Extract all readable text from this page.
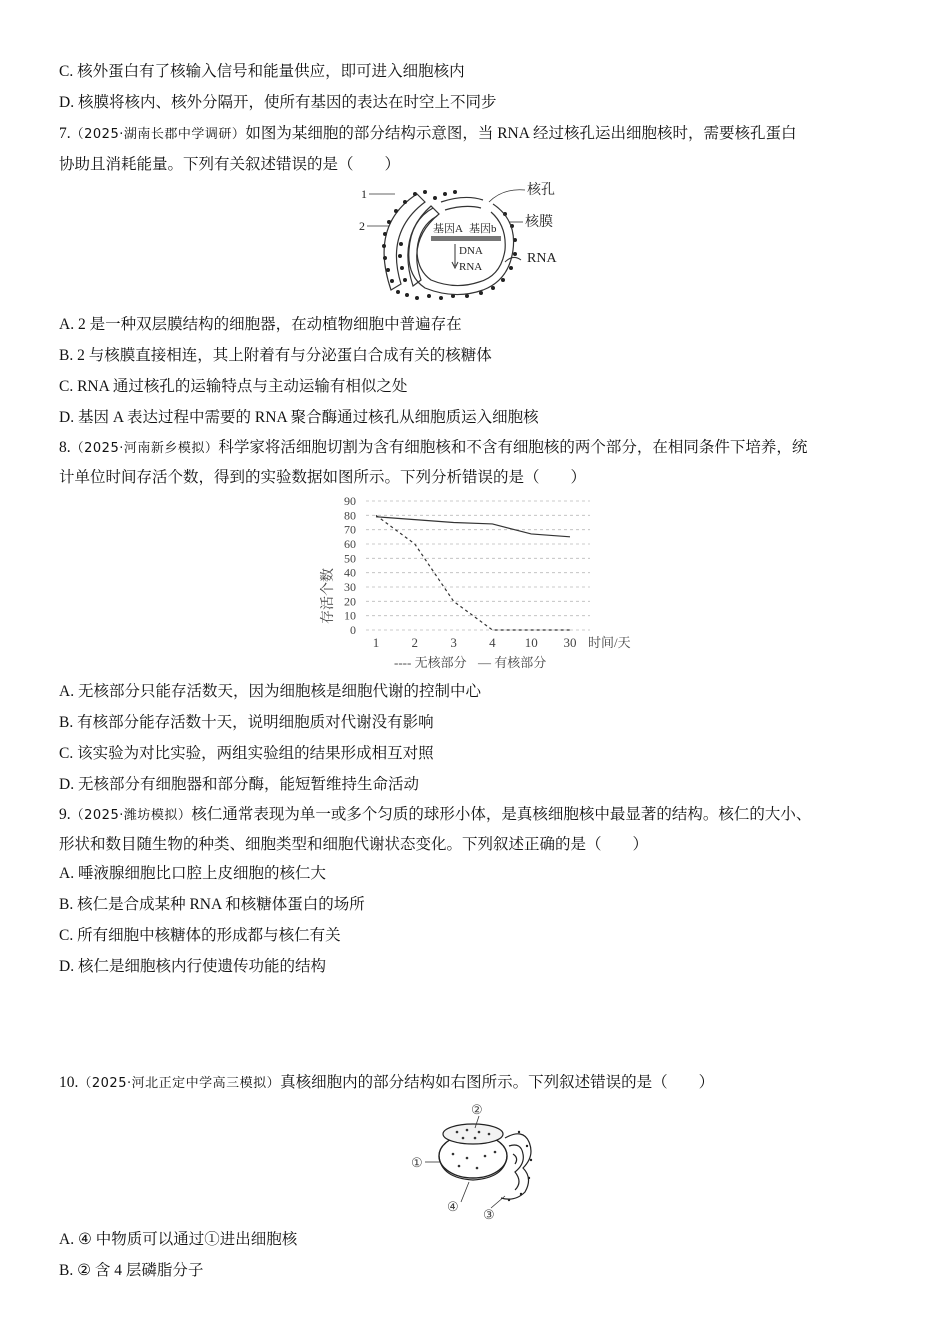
C. 核外蛋白有了核输入信号和能量供应，即可进入细胞核内
D. 核膜将核内、核外分隔开，使所有基因的表达在时空上不同步
7.（2025·湖南长郡中学调研）如图为某细胞的部分结构示意图，当 RNA 经过核孔运出细胞核时，需要核孔蛋白
协助且消耗能量。下列有关叙述错误的是（　　）
基因A 基因b
DNA
RNA
1
2
核孔
核膜
RNA
A. 2 是一种双层膜结构的细胞器，在动植物细胞中普遍存在
B. 2 与核膜直接相连，其上附着有与分泌蛋白合成有关的核糖体
C. RNA 通过核孔的运输特点与主动运输有相似之处
D. 基因 A 表达过程中需要的 RNA 聚合酶通过核孔从细胞质运入细胞核
8.（2025·河南新乡模拟）科学家将活细胞切割为含有细胞核和不含有细胞核的两个部分，在相同条件下培养，统
计单位时间存活个数，得到的实验数据如图所示。下列分析错误的是（　　）
0
10
20
30
40
50
60
70
80
90
1 2 3 4 10 30
存活个数
时间/天
---- 无核部分 — 有核部分
A. 无核部分只能存活数天，因为细胞核是细胞代谢的控制中心
B. 有核部分能存活数十天，说明细胞质对代谢没有影响
C. 该实验为对比实验，两组实验组的结果形成相互对照
D. 无核部分有细胞器和部分酶，能短暂维持生命活动
9.（2025·潍坊模拟）核仁通常表现为单一或多个匀质的球形小体，是真核细胞核中最显著的结构。核仁的大小、
形状和数目随生物的种类、细胞类型和细胞代谢状态变化。下列叙述正确的是（　　）
A. 唾液腺细胞比口腔上皮细胞的核仁大
B. 核仁是合成某种 RNA 和核糖体蛋白的场所
C. 所有细胞中核糖体的形成都与核仁有关
D. 核仁是细胞核内行使遗传功能的结构
10.（2025·河北正定中学高三模拟）真核细胞内的部分结构如右图所示。下列叙述错误的是（　　）
②
①
④
③
A. ④ 中物质可以通过①进出细胞核
B. ② 含 4 层磷脂分子
